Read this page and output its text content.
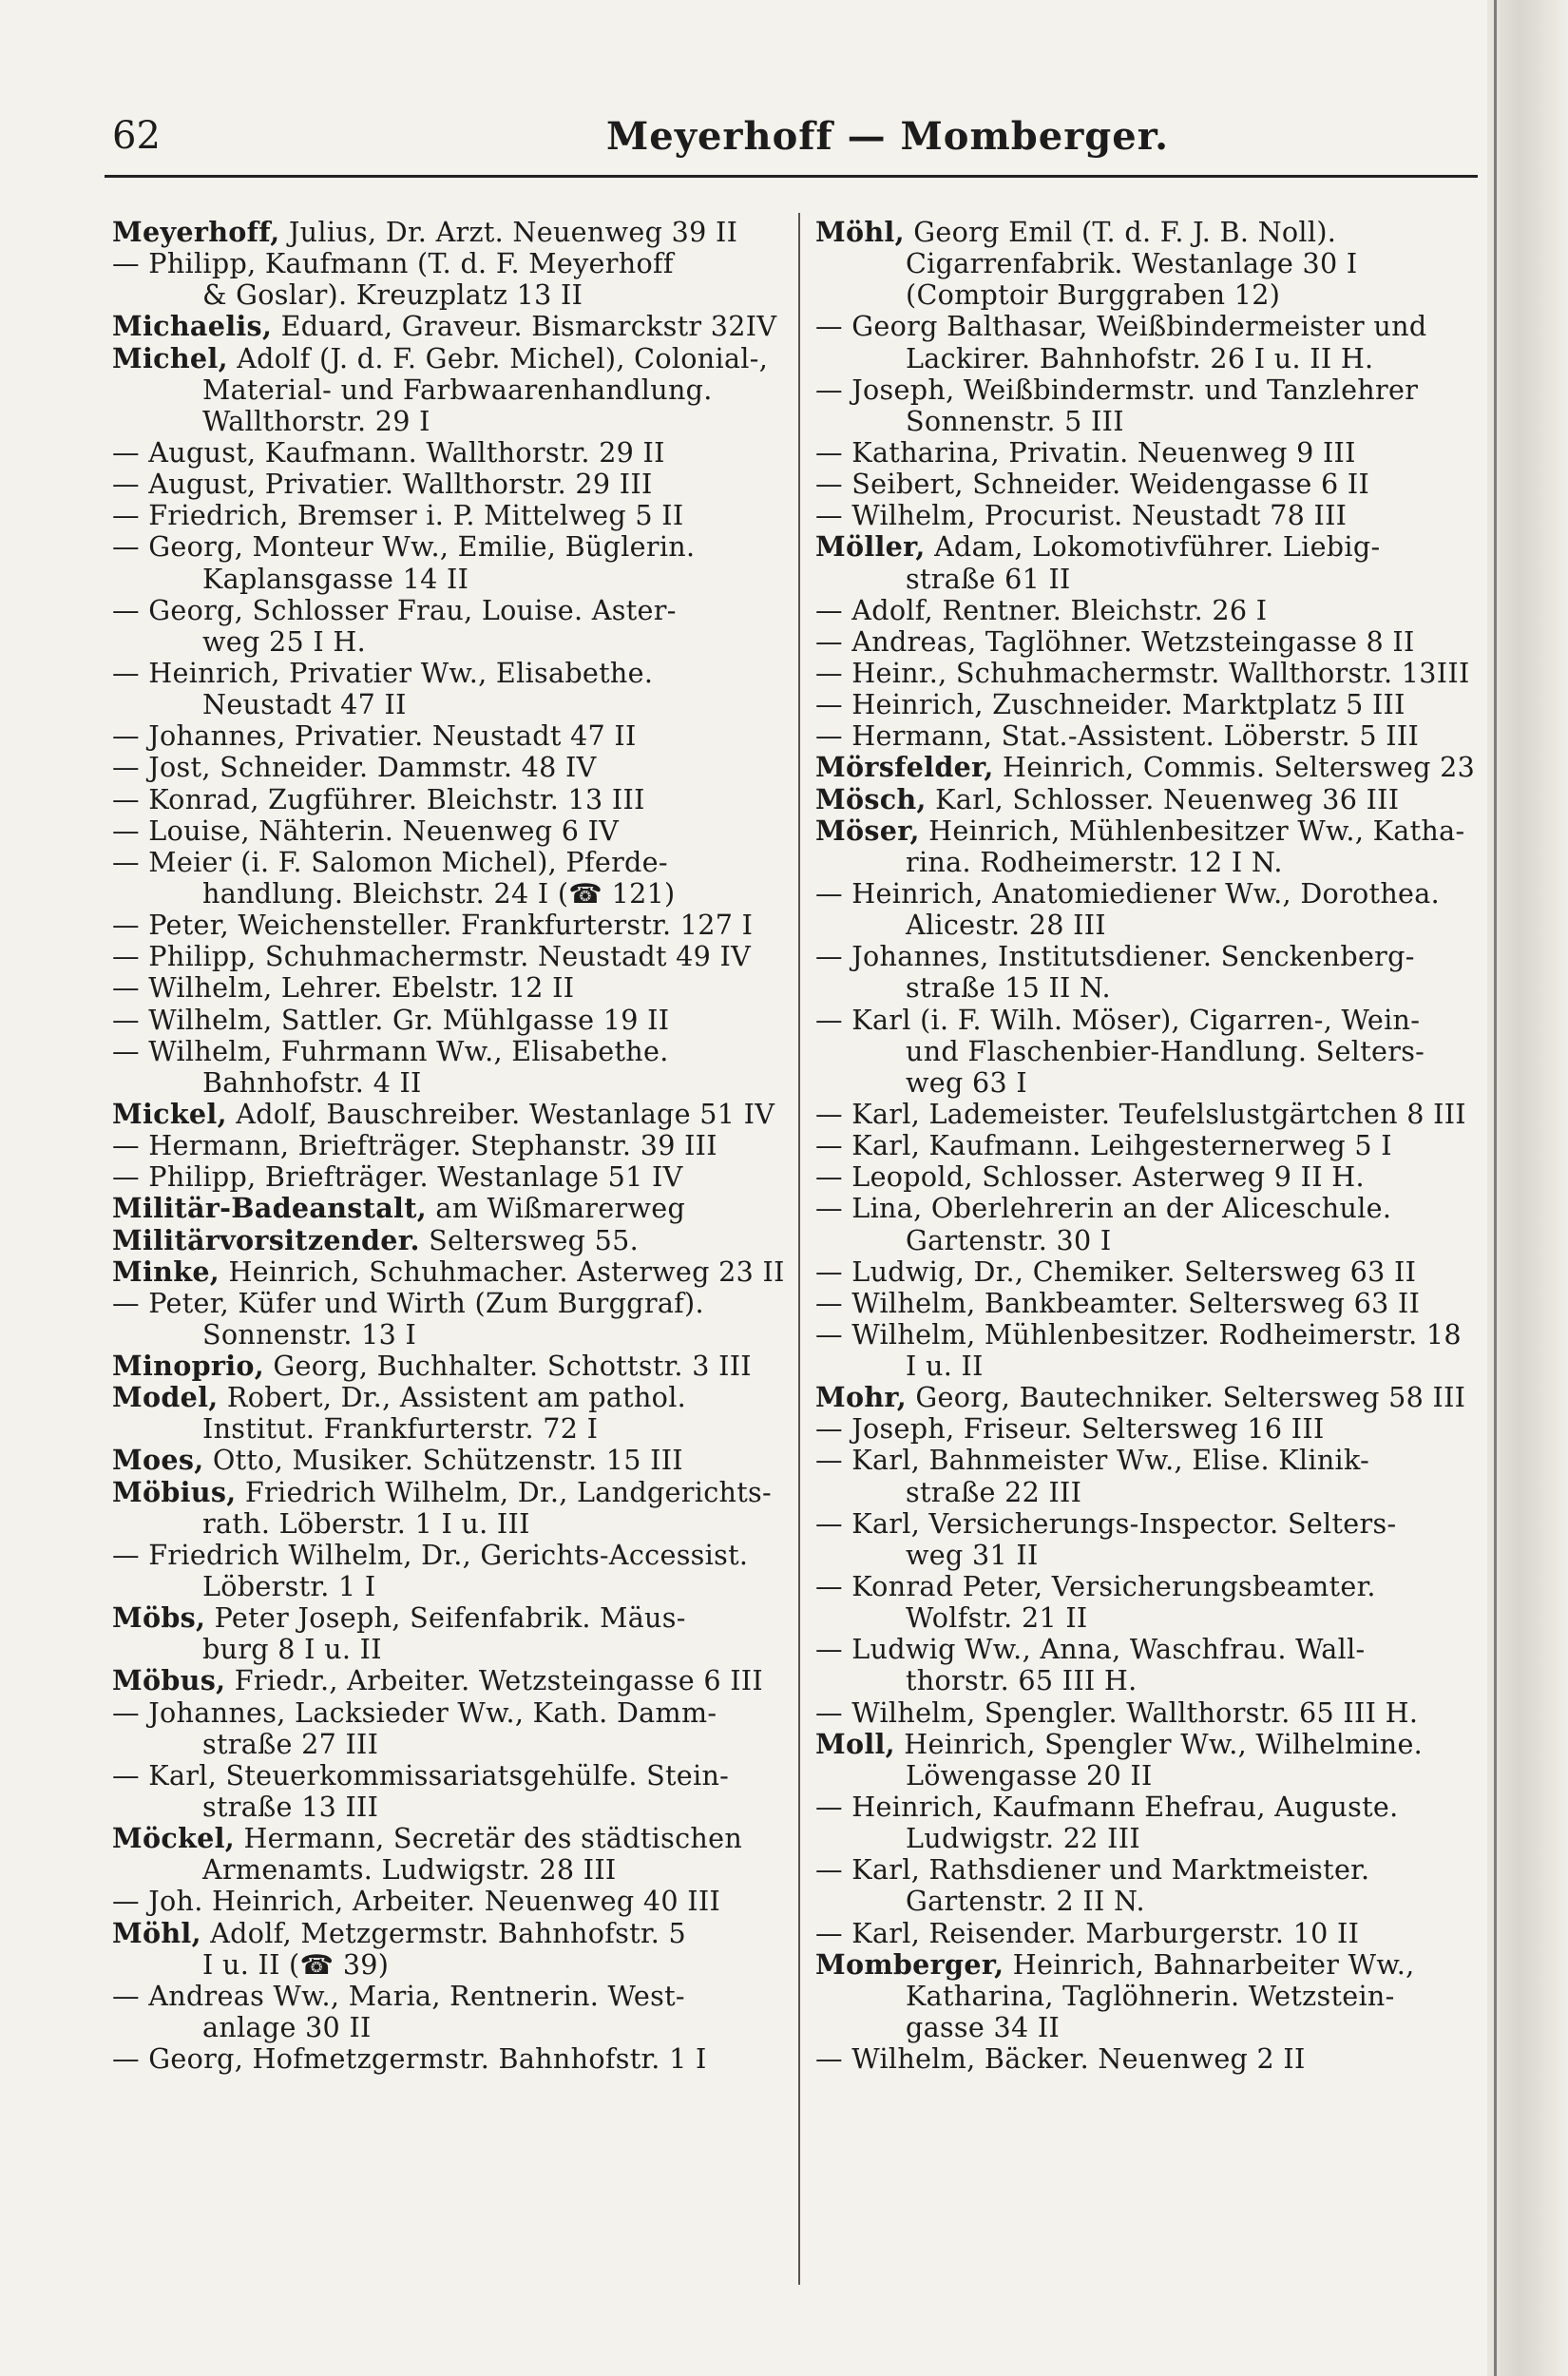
62	Meyerhoff — Momberger.
Meyerhoff, Julius, Dr. Arzt. Neuenweg 39 II
— Philipp, Kaufmann (T. d. F. Meyerhoff
& Goslar). Kreuzplatz 13 II
Michaelis, Eduard, Graveur. Bismarckstr 32IV
Michel, Adolf (J. d. F. Gebr. Michel), Colonial-,
Material- und Farbwaarenhandlung.
Wallthorstr. 29 I
— August, Kaufmann. Wallthorstr. 29 II
— August, Privatier. Wallthorstr. 29 III
— Friedrich, Bremser i. P. Mittelweg 5 II
— Georg, Monteur Ww., Emilie, Büglerin.
Kaplansgasse 14 II
— Georg, Schlosser Frau, Louise. Aster-
weg 25 I H.
— Heinrich, Privatier Ww., Elisabethe.
Neustadt 47 II
— Johannes, Privatier. Neustadt 47 II
— Jost, Schneider. Dammstr. 48 IV
— Konrad, Zugführer. Bleichstr. 13 III
— Louise, Nähterin. Neuenweg 6 IV
— Meier (i. F. Salomon Michel), Pferde-
handlung. Bleichstr. 24 I (☎ 121)
— Peter, Weichensteller. Frankfurterstr. 127 I
— Philipp, Schuhmachermstr. Neustadt 49 IV
— Wilhelm, Lehrer. Ebelstr. 12 II
— Wilhelm, Sattler. Gr. Mühlgasse 19 II
— Wilhelm, Fuhrmann Ww., Elisabethe.
Bahnhofstr. 4 II
Mickel, Adolf, Bauschreiber. Westanlage 51 IV
— Hermann, Briefträger. Stephanstr. 39 III
— Philipp, Briefträger. Westanlage 51 IV
Militär-Badeanstalt, am Wißmarerweg
Militärvorsitzender. Seltersweg 55.
Minke, Heinrich, Schuhmacher. Asterweg 23 II
— Peter, Küfer und Wirth (Zum Burggraf).
Sonnenstr. 13 I
Minoprio, Georg, Buchhalter. Schottstr. 3 III
Model, Robert, Dr., Assistent am pathol.
Institut. Frankfurterstr. 72 I
Moes, Otto, Musiker. Schützenstr. 15 III
Möbius, Friedrich Wilhelm, Dr., Landgerichts-
rath. Löberstr. 1 I u. III
— Friedrich Wilhelm, Dr., Gerichts-Accessist.
Löberstr. 1 I
Möbs, Peter Joseph, Seifenfabrik. Mäus-
burg 8 I u. II
Möbus, Friedr., Arbeiter. Wetzsteingasse 6 III
— Johannes, Lacksieder Ww., Kath. Damm-
straße 27 III
— Karl, Steuerkommissariatsgehülfe. Stein-
straße 13 III
Möckel, Hermann, Secretär des städtischen
Armenamts. Ludwigstr. 28 III
— Joh. Heinrich, Arbeiter. Neuenweg 40 III
Möhl, Adolf, Metzgermstr. Bahnhofstr. 5
I u. II (☎ 39)
— Andreas Ww., Maria, Rentnerin. West-
anlage 30 II
— Georg, Hofmetzgermstr. Bahnhofstr. 1 I
Möhl, Georg Emil (T. d. F. J. B. Noll).
Cigarrenfabrik. Westanlage 30 I
(Comptoir Burggraben 12)
— Georg Balthasar, Weißbindermeister und
Lackirer. Bahnhofstr. 26 I u. II H.
— Joseph, Weißbindermstr. und Tanzlehrer
Sonnenstr. 5 III
— Katharina, Privatin. Neuenweg 9 III
— Seibert, Schneider. Weidengasse 6 II
— Wilhelm, Procurist. Neustadt 78 III
Möller, Adam, Lokomotivführer. Liebig-
straße 61 II
— Adolf, Rentner. Bleichstr. 26 I
— Andreas, Taglöhner. Wetzsteingasse 8 II
— Heinr., Schuhmachermstr. Wallthorstr. 13III
— Heinrich, Zuschneider. Marktplatz 5 III
— Hermann, Stat.-Assistent. Löberstr. 5 III
Mörsfelder, Heinrich, Commis. Seltersweg 23
Mösch, Karl, Schlosser. Neuenweg 36 III
Möser, Heinrich, Mühlenbesitzer Ww., Katha-
rina. Rodheimerstr. 12 I N.
— Heinrich, Anatomiediener Ww., Dorothea.
Alicestr. 28 III
— Johannes, Institutsdiener. Senckenberg-
straße 15 II N.
— Karl (i. F. Wilh. Möser), Cigarren-, Wein-
und Flaschenbier-Handlung. Selters-
weg 63 I
— Karl, Lademeister. Teufelslustgärtchen 8 III
— Karl, Kaufmann. Leihgesternerweg 5 I
— Leopold, Schlosser. Asterweg 9 II H.
— Lina, Oberlehrerin an der Aliceschule.
Gartenstr. 30 I
— Ludwig, Dr., Chemiker. Seltersweg 63 II
— Wilhelm, Bankbeamter. Seltersweg 63 II
— Wilhelm, Mühlenbesitzer. Rodheimerstr. 18
I u. II
Mohr, Georg, Bautechniker. Seltersweg 58 III
— Joseph, Friseur. Seltersweg 16 III
— Karl, Bahnmeister Ww., Elise. Klinik-
straße 22 III
— Karl, Versicherungs-Inspector. Selters-
weg 31 II
— Konrad Peter, Versicherungsbeamter.
Wolfstr. 21 II
— Ludwig Ww., Anna, Waschfrau. Wall-
thorstr. 65 III H.
— Wilhelm, Spengler. Wallthorstr. 65 III H.
Moll, Heinrich, Spengler Ww., Wilhelmine.
Löwengasse 20 II
— Heinrich, Kaufmann Ehefrau, Auguste.
Ludwigstr. 22 III
— Karl, Rathsdiener und Marktmeister.
Gartenstr. 2 II N.
— Karl, Reisender. Marburgerstr. 10 II
Momberger, Heinrich, Bahnarbeiter Ww.,
Katharina, Taglöhnerin. Wetzstein-
gasse 34 II
— Wilhelm, Bäcker. Neuenweg 2 II
